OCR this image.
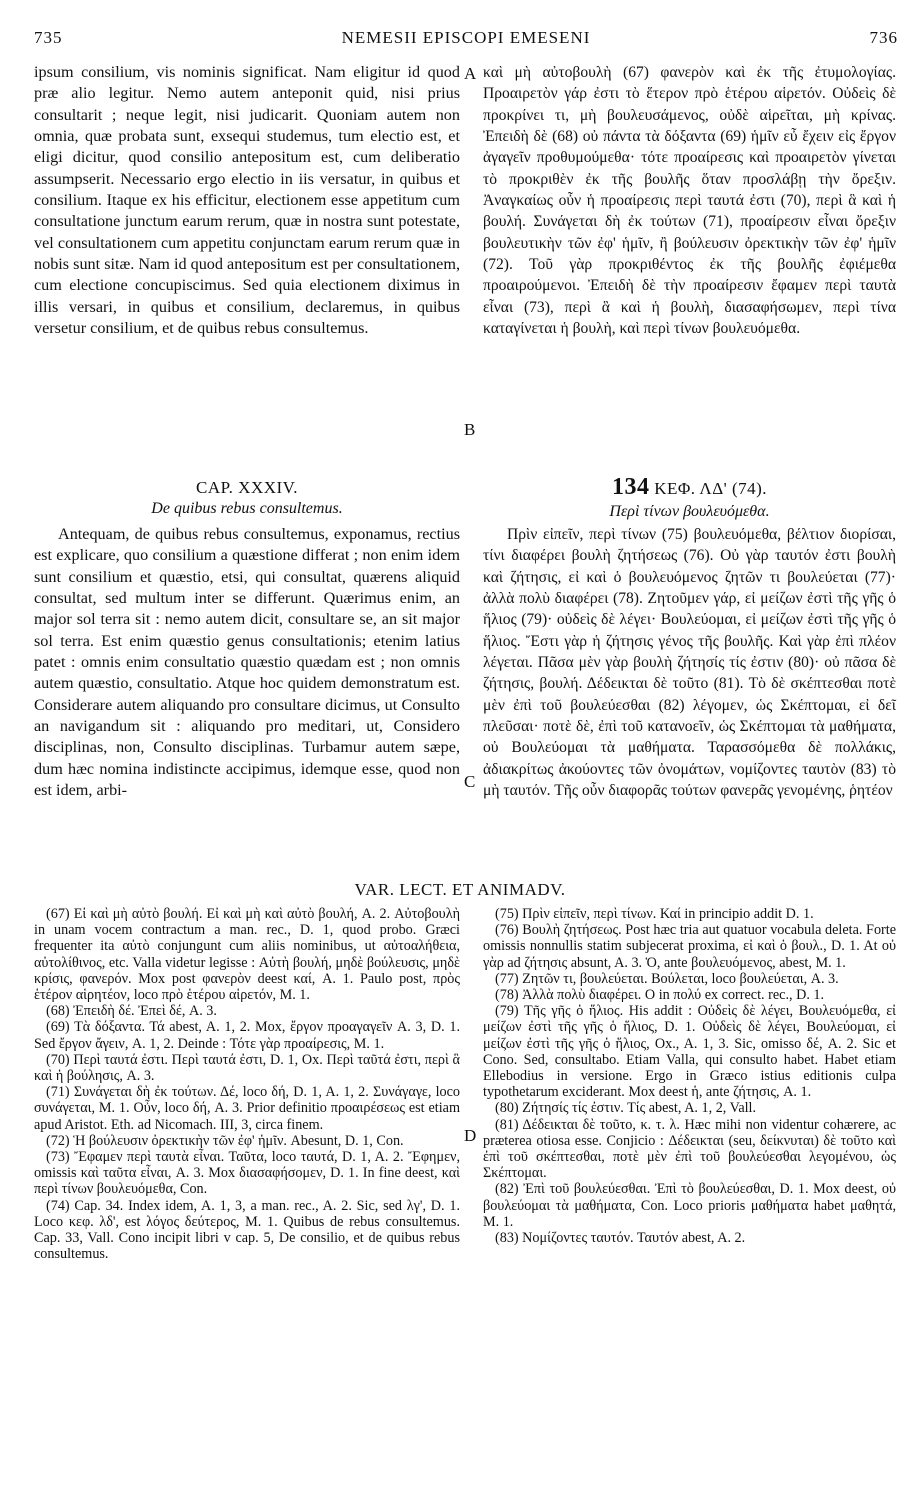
735	NEMESII EPISCOPI EMESENI	736

ipsum consilium, vis nominis significat. Nam eligitur id quod præ alio legitur. Nemo autem anteponit quid, nisi prius consultarit ; neque legit, nisi judicarit. Quoniam autem non omnia, quæ probata sunt, exsequi studemus, tum electio est, et eligi dicitur, quod consilio antepositum est, cum deliberatio assumpserit. Necessario ergo electio in iis versatur, in quibus et consilium. Itaque ex his efficitur, electionem esse appetitum cum consultatione junctum earum rerum, quæ in nostra sunt potestate, vel consultationem cum appetitu conjunctam earum rerum quæ in nobis sunt sitæ. Nam id quod antepositum est per consultationem, cum electione concupiscimus. Sed quia electionem diximus in illis versari, in quibus et consilium, declaremus, in quibus versetur consilium, et de quibus rebus consultemus.

A καὶ μὴ αὐτοβουλὴ (67) φανερὸν καὶ ἐκ τῆς ἐτυμολογίας. Προαιρετὸν γάρ ἐστι τὸ ἕτερον πρὸ ἑτέρου αἱρετόν. Οὐδεὶς δὲ προκρίνει τι, μὴ βουλευσάμενος, οὐδὲ αἱρεῖται, μὴ κρίνας. Ἐπειδὴ δὲ (68) οὐ πάντα τὰ δόξαντα (69) ἡμῖν εὖ ἔχειν εἰς ἔργον ἀγαγεῖν προθυμούμεθα· τότε προαίρεσις καὶ προαιρετὸν γίνεται τὸ προκριθὲν ἐκ τῆς βουλῆς ὅταν προσλάβῃ τὴν ὄρεξιν. Ἀναγκαίως οὖν ἡ προαίρεσις περὶ ταυτά ἐστι (70), περὶ ἃ καὶ ἡ βουλή. Συνάγεται δὴ ἐκ τούτων (71), προαίρεσιν εἶναι ὄρεξιν βουλευτικὴν τῶν ἐφ' ἡμῖν, ἢ βούλευσιν ὀρεκτικὴν τῶν ἐφ' ἡμῖν (72). Τοῦ γὰρ προκριθέντος ἐκ τῆς βουλῆς ἐφιέμεθα προαιρούμενοι. Ἐπειδὴ δὲ τὴν προαίρεσιν ἔφαμεν περὶ ταυτὰ εἶναι (73), περὶ ἃ καὶ ἡ βουλὴ, διασαφήσωμεν, περὶ τίνα καταγίνεται ἡ βουλὴ, καὶ περὶ τίνων βουλευόμεθα.

B
CAP. XXXIV.
De quibus rebus consultemus.
134 ΚΕΦ. ΛΔ' (74).
Περὶ τίνων βουλευόμεθα.

Antequam, de quibus rebus consultemus, exponamus, rectius est explicare, quo consilium a quæstione differat ; non enim idem sunt consilium et quæstio, etsi, qui consultat, quærens aliquid consultat, sed multum inter se differunt. Quærimus enim, an major sol terra sit : nemo autem dicit, consultare se, an sit major sol terra. Est enim quæstio genus consultationis; etenim latius patet : omnis enim consultatio quæstio quædam est ; non omnis autem quæstio, consultatio. Atque hoc quidem demonstratum est. Considerare autem aliquando pro consultare dicimus, ut Consulto an navigandum sit : aliquando pro meditari, ut, Considero disciplinas, non, Consulto disciplinas. Turbamur autem sæpe, dum hæc nomina indistincte accipimus, idemque esse, quod non est idem, arbi-	C

Πρὶν εἰπεῖν, περὶ τίνων (75) βουλευόμεθα, βέλτιον διορίσαι, τίνι διαφέρει βουλὴ ζητήσεως (76). Οὐ γὰρ ταυτόν ἐστι βουλὴ καὶ ζήτησις, εἰ καὶ ὁ βουλευόμενος ζητῶν τι βουλεύεται (77)· ἀλλὰ πολὺ διαφέρει (78). Ζητοῦμεν γάρ, εἰ μείζων ἐστὶ τῆς γῆς ὁ ἥλιος (79)· οὐδεὶς δὲ λέγει· Βουλεύομαι, εἰ μείζων ἐστὶ τῆς γῆς ὁ ἥλιος. Ἔστι γὰρ ἡ ζήτησις γένος τῆς βουλῆς. Καὶ γὰρ ἐπὶ πλέον λέγεται. Πᾶσα μὲν γὰρ βουλὴ ζήτησίς τίς ἐστιν (80)· οὐ πᾶσα δὲ ζήτησις, βουλή. Δέδεικται δὲ τοῦτο (81). Τὸ δὲ σκέπτεσθαι ποτὲ μὲν ἐπὶ τοῦ βουλεύεσθαι (82) λέγομεν, ὡς Σκέπτομαι, εἰ δεῖ πλεῦσαι· ποτὲ δὲ, ἐπὶ τοῦ κατανοεῖν, ὡς Σκέπτομαι τὰ μαθήματα, οὐ Βουλεύομαι τὰ μαθήματα. Ταρασσόμεθα δὲ πολλάκις, ἀδιακρίτως ἀκούοντες τῶν ὀνομάτων, νομίζοντες ταυτὸν (83) τὸ μὴ ταυτόν. Τῆς οὖν διαφορᾶς τούτων φανερᾶς γενομένης, ῥητέον

VAR. LECT. ET ANIMADV.

(67) Εἰ καὶ μὴ αὐτὸ βουλή. Εἰ καὶ μὴ καὶ αὐτὸ βουλή, A. 2. Αὐτοβουλὴ in unam vocem contractum a man. rec., D. 1, quod probo. Græci frequenter ita αὐτὸ conjungunt cum aliis nominibus, ut αὐτοαλήθεια, αὐτολίθινος, etc. Valla videtur legisse : Αὐτὴ βουλή, μηδὲ βούλευσις, μηδὲ κρίσις, φανερόν. Mox post φανερὸν deest καί, A. 1. Paulo post, πρὸς ἑτέρον αἱρητέον, loco πρὸ ἑτέρου αἱρετόν, M. 1.

(68) Ἐπειδὴ δέ. Ἐπεὶ δέ, A. 3.

(69) Τὰ δόξαντα. Τά abest, A. 1, 2. Mox, ἔργον προαγαγεῖν A. 3, D. 1. Sed ἔργον ἄγειν, A. 1, 2. Deinde : Τότε γὰρ προαίρεσις, M. 1.

(70) Περὶ ταυτά ἐστι. Περὶ ταυτά ἐστι, D. 1, Ox. Περὶ ταῦτά ἐστι, περὶ ἃ καὶ ἡ βούλησις, A. 3.

(71) Συνάγεται δὴ ἐκ τούτων. Δέ, loco δή, D. 1, A. 1, 2. Συνάγαγε, loco συνάγεται, M. 1. Οὖν, loco δή, A. 3. Prior definitio προαιρέσεως est etiam apud Aristot. Eth. ad Nicomach. III, 3, circa finem.

(72) Ἡ βούλευσιν ὀρεκτικὴν τῶν ἐφ' ἡμῖν. Abesunt, D. 1, Con.

(73) Ἔφαμεν περὶ ταυτὰ εἶναι. Ταῦτα, loco ταυτά, D. 1, A. 2. Ἔφημεν, omissis καὶ ταῦτα εἶναι, A. 3. Mox διασαφήσομεν, D. 1. In fine deest, καὶ περὶ τίνων βουλευόμεθα, Con.

(74) Cap. 34. Index idem, A. 1, 3, a man. rec., A. 2. Sic, sed λγ', D. 1. Loco κεφ. λδ', est λόγος δεύτερος, M. 1. Quibus de rebus consultemus. Cap. 33, Vall. Cono incipit libri v cap. 5, De consilio, et de quibus rebus consultemus.

D

(75) Πρὶν εἰπεῖν, περὶ τίνων. Καί in principio addit D. 1.

(76) Βουλὴ ζητήσεως. Post hæc tria aut quatuor vocabula deleta. Forte omissis nonnullis statim subjecerat proxima, εἰ καὶ ὁ βουλ., D. 1. At οὐ γὰρ ad ζήτησις absunt, A. 3. Ὁ, ante βουλευόμενος, abest, M. 1.

(77) Ζητῶν τι, βουλεύεται. Βούλεται, loco βουλεύεται, A. 3.

(78) Ἀλλὰ πολὺ διαφέρει. O in πολύ ex correct. rec., D. 1.

(79) Τῆς γῆς ὁ ἥλιος. His addit : Οὐδεὶς δὲ λέγει, Βουλευόμεθα, εἰ μείζων ἐστὶ τῆς γῆς ὁ ἥλιος, D. 1. Οὐδεὶς δὲ λέγει, Βουλεύομαι, εἰ μείζων ἐστὶ τῆς γῆς ὁ ἥλιος, Ox., A. 1, 3. Sic, omisso δέ, A. 2. Sic et Cono. Sed, consultabo. Etiam Valla, qui consulto habet. Habet etiam Ellebodius in versione. Ergo in Græco istius editionis culpa typothetarum exciderant. Mox deest ἡ, ante ζήτησις, A. 1.

(80) Ζήτησίς τίς ἐστιν. Τίς abest, A. 1, 2, Vall.

(81) Δέδεικται δὲ τοῦτο, κ. τ. λ. Hæc mihi non videntur cohærere, ac præterea otiosa esse. Conjicio : Δέδεικται (seu, δείκνυται) δὲ τοῦτο καὶ ἐπὶ τοῦ σκέπτεσθαι, ποτὲ μὲν ἐπὶ τοῦ βουλεύεσθαι λεγομένου, ὡς Σκέπτομαι.

(82) Ἐπὶ τοῦ βουλεύεσθαι. Ἐπὶ τὸ βουλεύεσθαι, D. 1. Mox deest, οὐ βουλεύομαι τὰ μαθήματα, Con. Loco prioris μαθήματα habet μαθητά, M. 1.

(83) Νομίζοντες ταυτόν. Ταυτόν abest, A. 2.
